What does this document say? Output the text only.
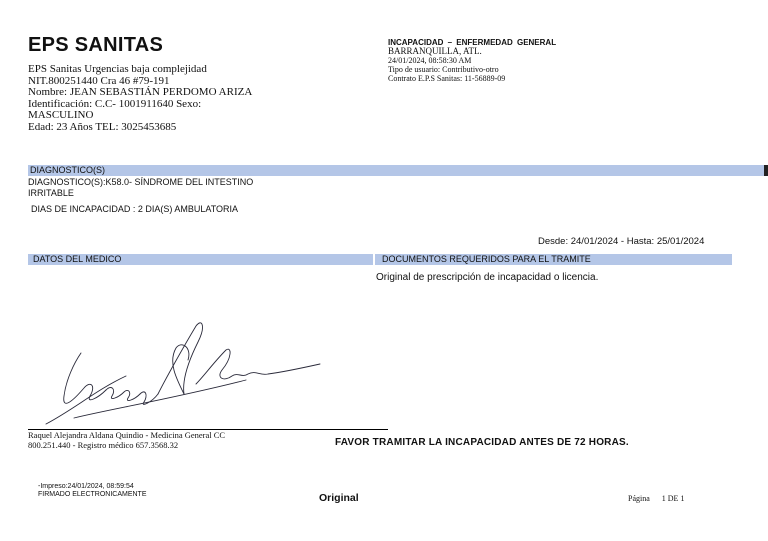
EPS SANITAS
EPS Sanitas Urgencias baja complejidad
NIT.800251440 Cra 46 #79-191
Nombre: JEAN SEBASTIÁN PERDOMO ARIZA
Identificación: C.C- 1001911640 Sexo: MASCULINO
Edad: 23 Años TEL: 3025453685
INCAPACIDAD – ENFERMEDAD GENERAL
BARRANQUILLA, ATL.
24/01/2024, 08:58:30 AM
Tipo de usuario: Contributivo-otro
Contrato E.P.S Sanitas: 11-56889-09
DIAGNOSTICO(S)
DIAGNOSTICO(S):K58.0- SÍNDROME DEL INTESTINO IRRITABLE
DIAS DE INCAPACIDAD : 2 DIA(S) AMBULATORIA
Desde: 24/01/2024 - Hasta: 25/01/2024
DATOS DEL MEDICO	DOCUMENTOS REQUERIDOS PARA EL TRAMITE
Original de prescripción de incapacidad o licencia.
Raquel Alejandra Aldana Quindio - Medicina General CC 800.251.440 - Registro médico 657.3568.32	FAVOR TRAMITAR LA INCAPACIDAD ANTES DE 72 HORAS.
-Impreso:24/01/2024, 08:59:54
FIRMADO ELECTRONICAMENTE	Original	Página 1 DE 1
